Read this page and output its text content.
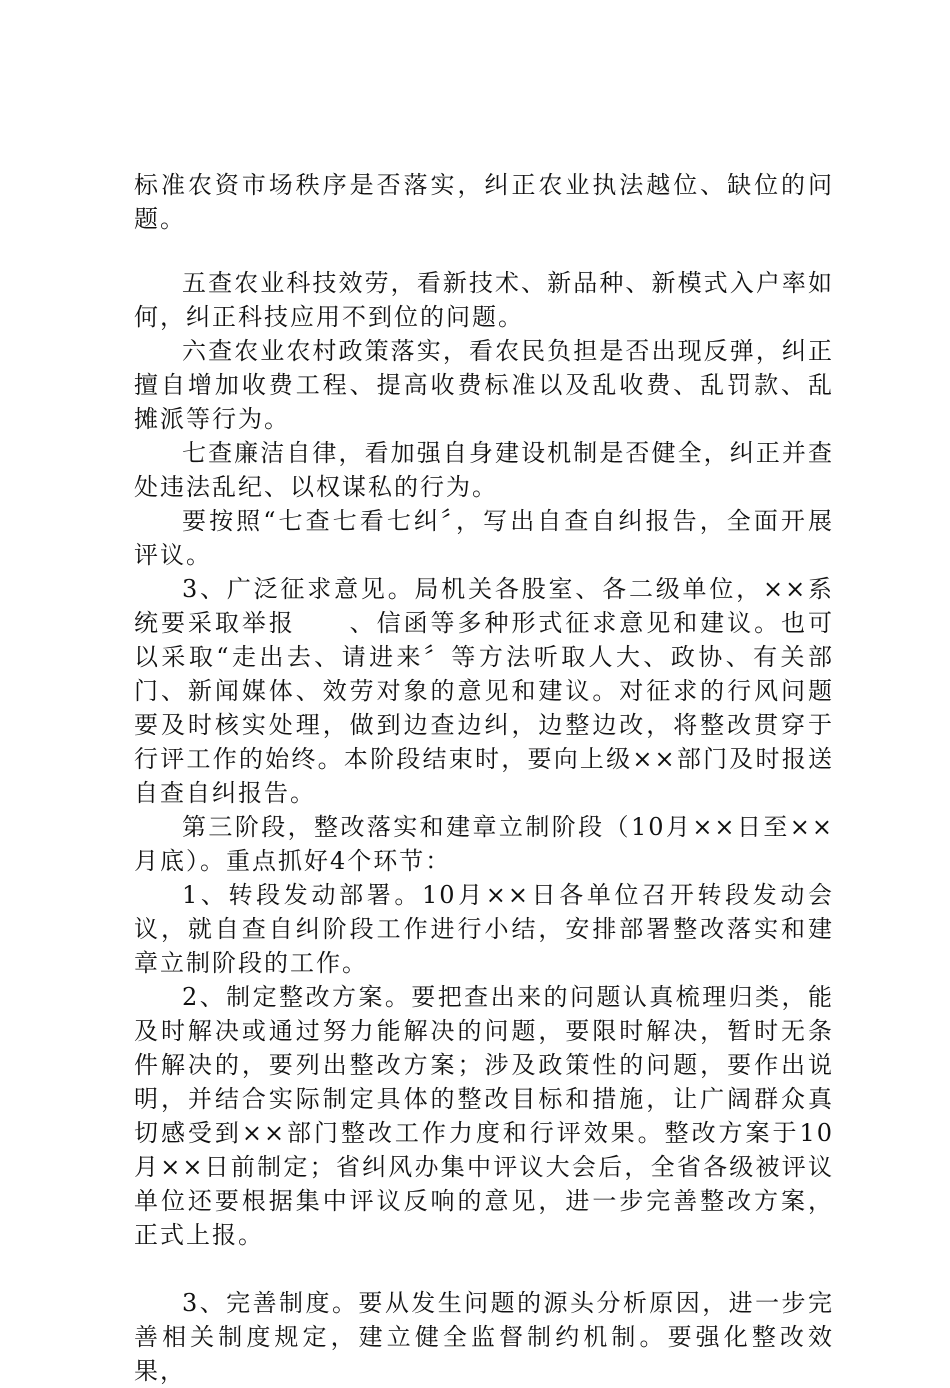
标准农资市场秩序是否落实，纠正农业执法越位、缺位的问题。

五查农业科技效劳，看新技术、新品种、新模式入户率如何，纠正科技应用不到位的问题。

六查农业农村政策落实，看农民负担是否出现反弹，纠正擅自增加收费工程、提高收费标准以及乱收费、乱罚款、乱摊派等行为。

七查廉洁自律，看加强自身建设机制是否健全，纠正并查处违法乱纪、以权谋私的行为。

要按照“七查七看七纠〞，写出自查自纠报告，全面开展评议。

3、广泛征求意见。局机关各股室、各二级单位，××系统要采取举报　　、信函等多种形式征求意见和建议。也可以采取“走出去、请进来〞等方法听取人大、政协、有关部门、新闻媒体、效劳对象的意见和建议。对征求的行风问题要及时核实处理，做到边查边纠，边整边改，将整改贯穿于行评工作的始终。本阶段结束时，要向上级××部门及时报送自查自纠报告。

第三阶段，整改落实和建章立制阶段（10月××日至××月底）。重点抓好4个环节：

1、转段发动部署。10月××日各单位召开转段发动会议，就自查自纠阶段工作进行小结，安排部署整改落实和建章立制阶段的工作。

2、制定整改方案。要把查出来的问题认真梳理归类，能及时解决或通过努力能解决的问题，要限时解决，暂时无条件解决的，要列出整改方案；涉及政策性的问题，要作出说明，并结合实际制定具体的整改目标和措施，让广阔群众真切感受到××部门整改工作力度和行评效果。整改方案于10月××日前制定；省纠风办集中评议大会后，全省各级被评议单位还要根据集中评议反响的意见，进一步完善整改方案，正式上报。

3、完善制度。要从发生问题的源头分析原因，进一步完善相关制度规定，建立健全监督制约机制。要强化整改效果，
